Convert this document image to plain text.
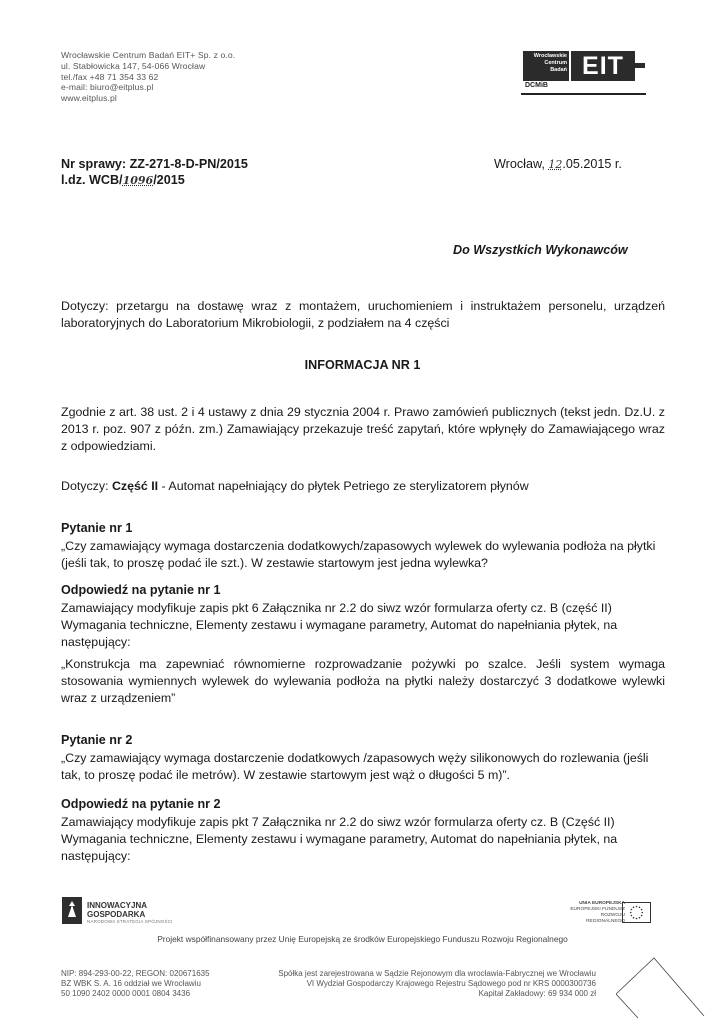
Wrocławskie Centrum Badań EIT+ Sp. z o.o.
ul. Stabłowicka 147, 54-066 Wrocław
tel./fax +48 71 354 33 62
e-mail: biuro@eitplus.pl
www.eitplus.pl
Wrocławskie
Centrum
Badań EIT
DCMiB
Nr sprawy: ZZ-271-8-D-PN/2015
l.dz. WCB/1096/2015
Wrocław, 12.05.2015 r.
Do Wszystkich Wykonawców
Dotyczy: przetargu na dostawę wraz z montażem, uruchomieniem i instruktażem personelu, urządzeń laboratoryjnych do Laboratorium Mikrobiologii, z podziałem na 4 części
INFORMACJA NR 1
Zgodnie z art. 38 ust. 2 i 4 ustawy z dnia 29 stycznia 2004 r. Prawo zamówień publicznych (tekst jedn. Dz.U. z 2013 r. poz. 907 z późn. zm.) Zamawiający przekazuje treść zapytań, które wpłynęły do Zamawiającego wraz z odpowiedziami.
Dotyczy: Część II - Automat napełniający do płytek Petriego ze sterylizatorem płynów
Pytanie nr 1
„Czy zamawiający wymaga dostarczenia dodatkowych/zapasowych wylewek do wylewania podłoża na płytki (jeśli tak, to proszę podać ile szt.). W zestawie startowym jest jedna wylewka?
Odpowiedź na pytanie nr 1
Zamawiający modyfikuje zapis pkt 6 Załącznika nr 2.2 do siwz wzór formularza oferty cz. B (część II) Wymagania techniczne, Elementy zestawu i wymagane parametry, Automat do napełniania płytek, na następujący:
„Konstrukcja ma zapewniać równomierne rozprowadzanie pożywki po szalce. Jeśli system wymaga stosowania wymiennych wylewek do wylewania podłoża na płytki należy dostarczyć 3 dodatkowe wylewki wraz z urządzeniem”
Pytanie nr 2
„Czy zamawiający wymaga dostarczenie dodatkowych /zapasowych węży silikonowych do rozlewania (jeśli tak, to proszę podać ile metrów). W zestawie startowym jest wąż o długości 5 m)”.
Odpowiedź na pytanie nr 2
Zamawiający modyfikuje zapis pkt 7 Załącznika nr 2.2 do siwz wzór formularza oferty cz. B (Część II) Wymagania techniczne, Elementy zestawu i wymagane parametry, Automat do napełniania płytek, na następujący:
INNOWACYJNA
GOSPODARKA
NARODOWA STRATEGIA SPÓJNOŚCI
UNIA EUROPEJSKA
EUROPEJSKI FUNDUSZ
ROZWOJU REGIONALNEGO
Projekt współfinansowany przez Unię Europejską ze środków Europejskiego Funduszu Rozwoju Regionalnego
NIP: 894-293-00-22, REGON: 020671635
BZ WBK S. A. 16 oddział we Wrocławiu
50 1090 2402 0000 0001 0804 3436
Spółka jest zarejestrowana w Sądzie Rejonowym dla wrocławia-Fabrycznej we Wrocławiu
VI Wydział Gospodarczy Krajowego Rejestru Sądowego pod nr KRS 0000300736
Kapitał Zakładowy: 69 934 000 zł
